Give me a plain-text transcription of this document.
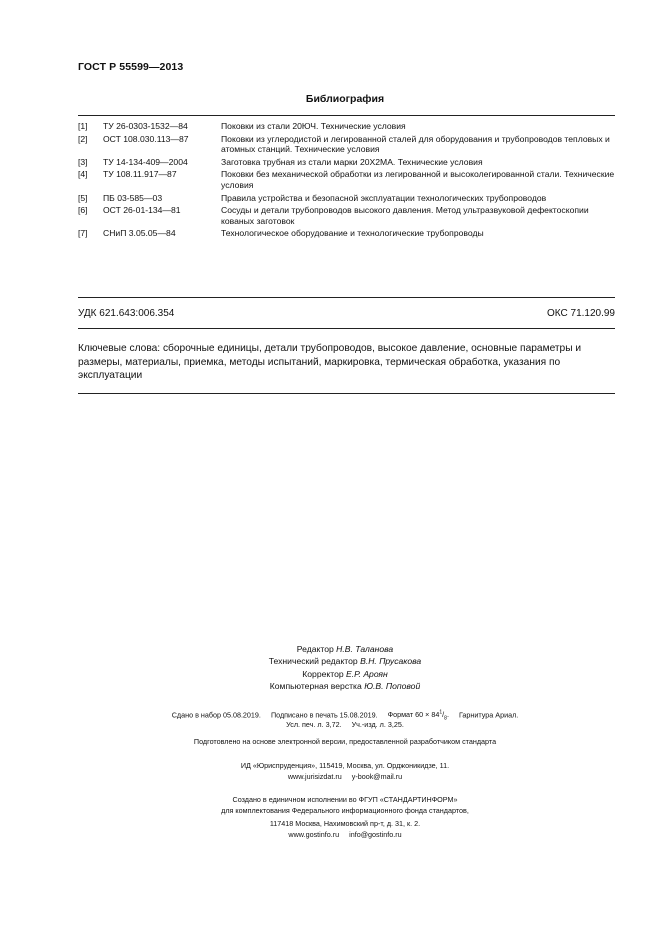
ГОСТ Р 55599—2013
Библиография
[1]	ТУ 26-0303-1532—84	Поковки из стали 20ЮЧ. Технические условия
[2]	ОСТ 108.030.113—87	Поковки из углеродистой и легированной сталей для оборудования и трубопроводов тепловых и атомных станций. Технические условия
[3]	ТУ 14-134-409—2004	Заготовка трубная из стали марки 20Х2МА. Технические условия
[4]	ТУ 108.11.917—87	Поковки без механической обработки из легированной и высоколегированной стали. Технические условия
[5]	ПБ 03-585—03	Правила устройства и безопасной эксплуатации технологических трубопроводов
[6]	ОСТ 26-01-134—81	Сосуды и детали трубопроводов высокого давления. Метод ультразвуковой дефектоскопии кованых заготовок
[7]	СНиП 3.05.05—84	Технологическое оборудование и технологические трубопроводы
УДК 621.643:006.354	ОКС 71.120.99
Ключевые слова: сборочные единицы, детали трубопроводов, высокое давление, основные параметры и размеры, материалы, приемка, методы испытаний, маркировка, термическая обработка, указания по эксплуатации
Редактор Н.В. Таланова
Технический редактор В.Н. Прусакова
Корректор Е.Р. Ароян
Компьютерная верстка Ю.В. Поповой
Сдано в набор 05.08.2019. Подписано в печать 15.08.2019. Формат $60 \times 84^1/_8$. Гарнитура Ариал.
Усл. печ. л. 3,72. Уч.-изд. л. 3,25.
Подготовлено на основе электронной версии, предоставленной разработчиком стандарта
ИД «Юриспруденция», 115419, Москва, ул. Орджоникидзе, 11.
www.jurisizdat.ru y-book@mail.ru
Создано в единичном исполнении во ФГУП «СТАНДАРТИНФОРМ»
для комплектования Федерального информационного фонда стандартов,
117418 Москва, Нахимовский пр-т, д. 31, к. 2.
www.gostinfo.ru info@gostinfo.ru
